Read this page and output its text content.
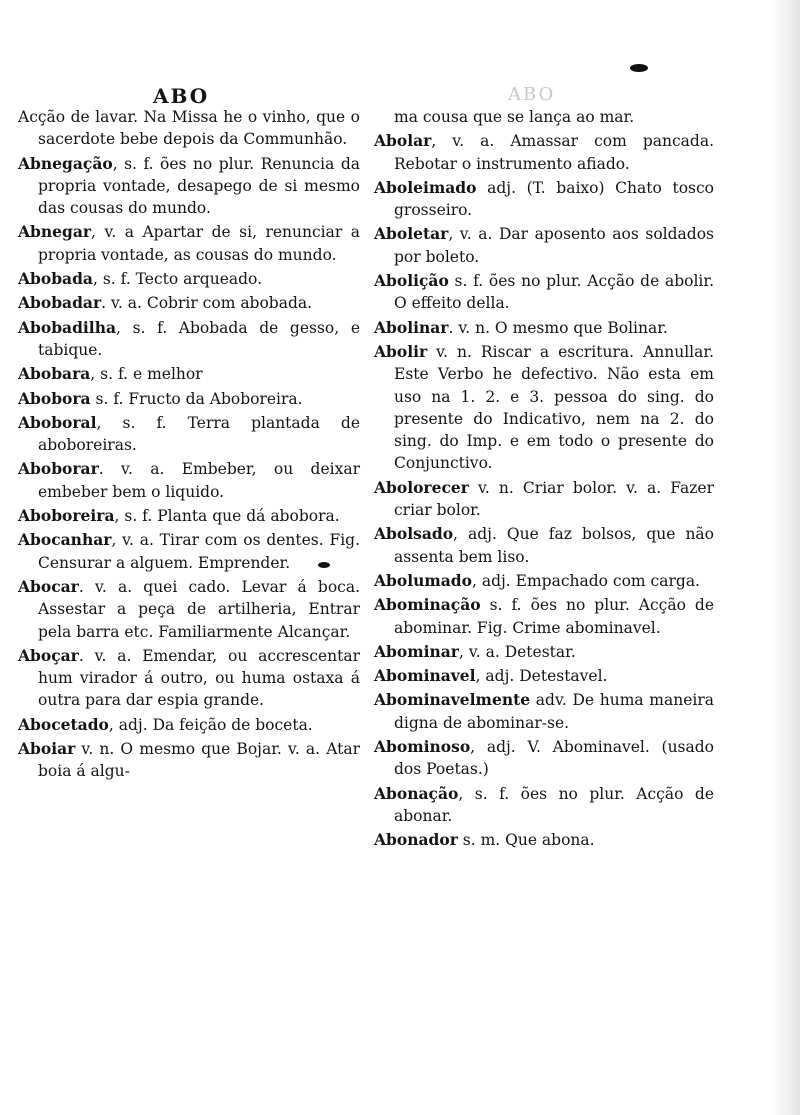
ABO	ABO
Acção de lavar. Na Missa he o vinho, que o sacerdote bebe depois da Communhão.
Abnegação, s. f. ões no plur. Renuncia da propria vontade, desapego de si mesmo das cousas do mundo.
Abnegar, v. a Apartar de si, renunciar a propria vontade, as cousas do mundo.
Abobada, s. f. Tecto arqueado.
Abobadar. v. a. Cobrir com abobada.
Abobadilha, s. f. Abobada de gesso, e tabique.
Abobara, s. f. e melhor
Abobora s. f. Fructo da Aboboreira.
Aboboral, s. f. Terra plantada de aboboreiras.
Aboborar. v. a. Embeber, ou deixar embeber bem o liquido.
Aboboreira, s. f. Planta que dá abobora.
Abocanhar, v. a. Tirar com os dentes. Fig. Censurar a alguem. Emprender.
Abocar. v. a. quei cado. Levar á boca. Assestar a peça de artilheria, Entrar pela barra etc. Familiarmente Alcançar.
Aboçar. v. a. Emendar, ou accrescentar hum virador á outro, ou huma ostaxa á outra para dar espia grande.
Abocetado, adj. Da feição de boceta.
Aboiar v. n. O mesmo que Bojar. v. a. Atar boia á algu-
ma cousa que se lança ao mar.
Abolar, v. a. Amassar com pancada. Rebotar o instrumento afiado.
Aboleimado adj. (T. baixo) Chato tosco grosseiro.
Aboletar, v. a. Dar aposento aos soldados por boleto.
Abolição s. f. ões no plur. Acção de abolir. O effeito della.
Abolinar. v. n. O mesmo que Bolinar.
Abolir v. n. Riscar a escritura. Annullar. Este Verbo he defectivo. Não esta em uso na 1. 2. e 3. pessoa do sing. do presente do Indicativo, nem na 2. do sing. do Imp. e em todo o presente do Conjunctivo.
Abolorecer v. n. Criar bolor. v. a. Fazer criar bolor.
Abolsado, adj. Que faz bolsos, que não assenta bem liso.
Abolumado, adj. Empachado com carga.
Abominação s. f. ões no plur. Acção de abominar. Fig. Crime abominavel.
Abominar, v. a. Detestar.
Abominavel, adj. Detestavel.
Abominavelmente adv. De huma maneira digna de abominar-se.
Abominoso, adj. V. Abominavel. (usado dos Poetas.)
Abonação, s. f. ões no plur. Acção de abonar.
Abonador s. m. Que abona.
